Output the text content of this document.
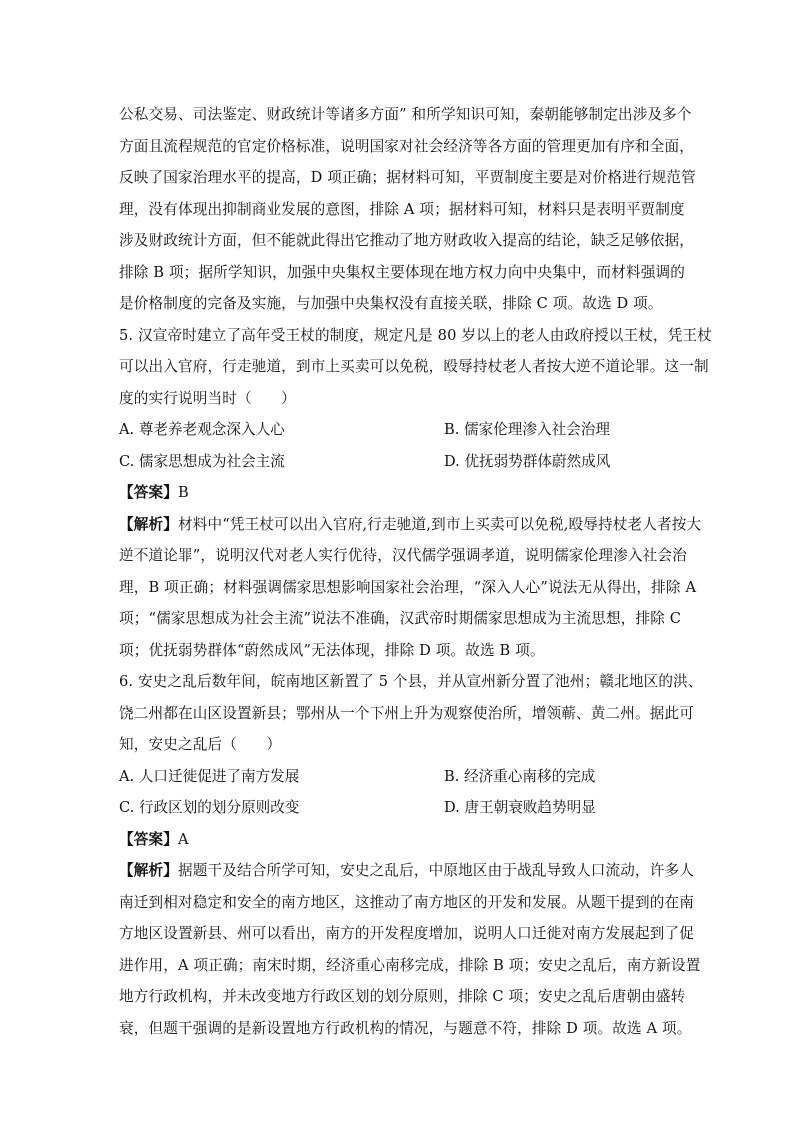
公私交易、司法鉴定、财政统计等诸多方面” 和所学知识可知，秦朝能够制定出涉及多个
方面且流程规范的官定价格标准，说明国家对社会经济等各方面的管理更加有序和全面，
反映了国家治理水平的提高，D 项正确；据材料可知，平贾制度主要是对价格进行规范管
理，没有体现出抑制商业发展的意图，排除 A 项；据材料可知，材料只是表明平贾制度
涉及财政统计方面，但不能就此得出它推动了地方财政收入提高的结论，缺乏足够依据，
排除 B 项；据所学知识，加强中央集权主要体现在地方权力向中央集中，而材料强调的
是价格制度的完备及实施，与加强中央集权没有直接关联，排除 C 项。故选 D 项。
5. 汉宣帝时建立了高年受王杖的制度，规定凡是 80 岁以上的老人由政府授以王杖，凭王杖
可以出入官府，行走驰道，到市上买卖可以免税，殴辱持杖老人者按大逆不道论罪。这一制
度的实行说明当时（　　）
A. 尊老养老观念深入人心	B. 儒家伦理渗入社会治理
C. 儒家思想成为社会主流	D. 优抚弱势群体蔚然成风
【答案】B
【解析】材料中“凭王杖可以出入官府,行走驰道,到市上买卖可以免税,殴辱持杖老人者按大
逆不道论罪”，说明汉代对老人实行优待，汉代儒学强调孝道，说明儒家伦理渗入社会治
理，B 项正确；材料强调儒家思想影响国家社会治理，“深入人心”说法无从得出，排除 A
项；“儒家思想成为社会主流”说法不准确，汉武帝时期儒家思想成为主流思想，排除 C
项；优抚弱势群体“蔚然成风”无法体现，排除 D 项。故选 B 项。
6. 安史之乱后数年间，皖南地区新置了 5 个县，并从宣州新分置了池州；赣北地区的洪、
饶二州都在山区设置新县；鄂州从一个下州上升为观察使治所，增领蕲、黄二州。据此可
知，安史之乱后（　　）
A. 人口迁徙促进了南方发展	B. 经济重心南移的完成
C. 行政区划的划分原则改变	D. 唐王朝衰败趋势明显
【答案】A
【解析】据题干及结合所学可知，安史之乱后，中原地区由于战乱导致人口流动，许多人
南迁到相对稳定和安全的南方地区，这推动了南方地区的开发和发展。从题干提到的在南
方地区设置新县、州可以看出，南方的开发程度增加，说明人口迁徙对南方发展起到了促
进作用，A 项正确；南宋时期，经济重心南移完成，排除 B 项；安史之乱后，南方新设置
地方行政机构，并未改变地方行政区划的划分原则，排除 C 项；安史之乱后唐朝由盛转
衰，但题干强调的是新设置地方行政机构的情况，与题意不符，排除 D 项。故选 A 项。
